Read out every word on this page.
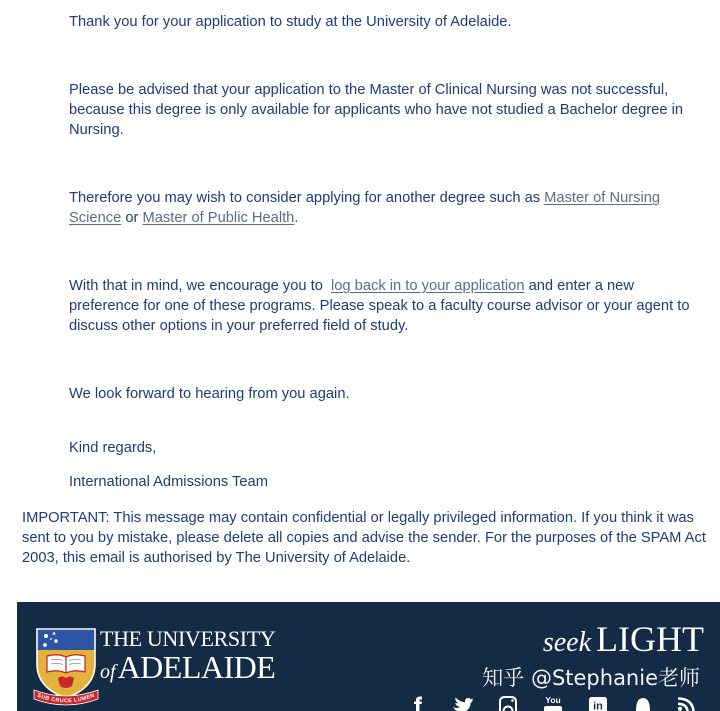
Thank you for your application to study at the University of Adelaide.

Please be advised that your application to the Master of Clinical Nursing was not successful, because this degree is only available for applicants who have not studied a Bachelor degree in Nursing.

Therefore you may wish to consider applying for another degree such as Master of Nursing Science or Master of Public Health.

With that in mind, we encourage you to log back in to your application and enter a new preference for one of these programs. Please speak to a faculty course advisor or your agent to discuss other options in your preferred field of study.

We look forward to hearing from you again.

Kind regards,

International Admissions Team

IMPORTANT: This message may contain confidential or legally privileged information. If you think it was sent to you by mistake, please delete all copies and advise the sender. For the purposes of the SPAM Act 2003, this email is authorised by The University of Adelaide.

SUB CRUCE LUMEN

THE UNIVERSITY

ofADELAIDE

seek LIGHT

知乎 @Stephanie老师

You
in
